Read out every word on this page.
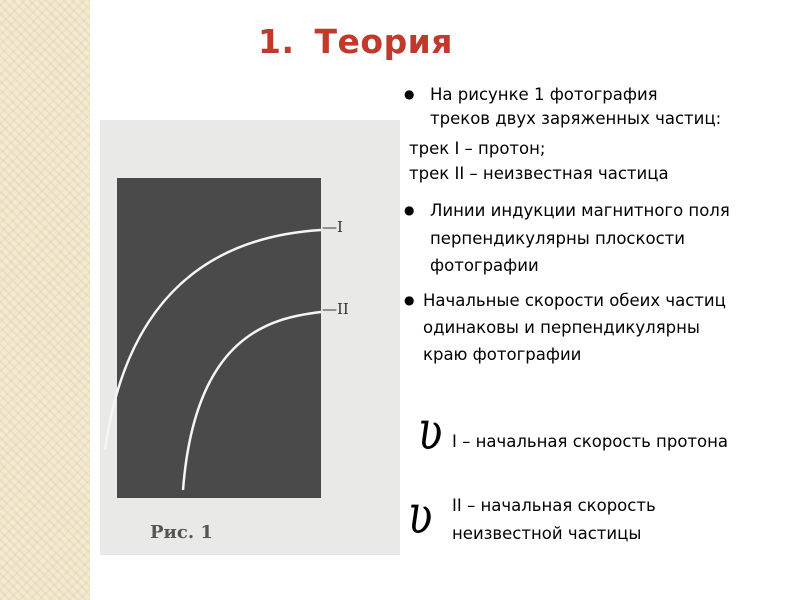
1. Теория
—I
—II
Рис. 1
● На рисунке 1 фотография
треков двух заряженных частиц:
трек I – протон;
трек II – неизвестная частица
● Линии индукции магнитного поля
перпендикулярны плоскости
фотографии
● Начальные скорости обеих частиц
одинаковы и перпендикулярны
краю фотографии
ʋ I – начальная скорость протона
ʋ II – начальная скорость
неизвестной частицы
